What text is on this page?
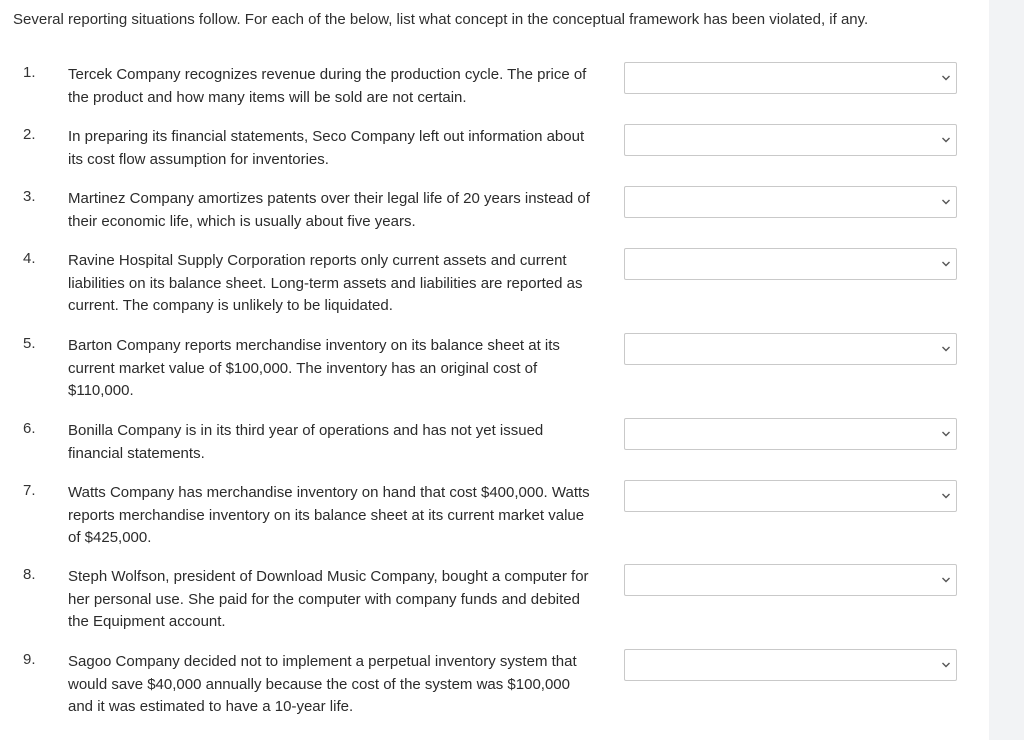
Several reporting situations follow. For each of the below, list what concept in the conceptual framework has been violated, if any.
1. Tercek Company recognizes revenue during the production cycle. The price of the product and how many items will be sold are not certain.
2. In preparing its financial statements, Seco Company left out information about its cost flow assumption for inventories.
3. Martinez Company amortizes patents over their legal life of 20 years instead of their economic life, which is usually about five years.
4. Ravine Hospital Supply Corporation reports only current assets and current liabilities on its balance sheet. Long-term assets and liabilities are reported as current. The company is unlikely to be liquidated.
5. Barton Company reports merchandise inventory on its balance sheet at its current market value of $100,000. The inventory has an original cost of $110,000.
6. Bonilla Company is in its third year of operations and has not yet issued financial statements.
7. Watts Company has merchandise inventory on hand that cost $400,000. Watts reports merchandise inventory on its balance sheet at its current market value of $425,000.
8. Steph Wolfson, president of Download Music Company, bought a computer for her personal use. She paid for the computer with company funds and debited the Equipment account.
9. Sagoo Company decided not to implement a perpetual inventory system that would save $40,000 annually because the cost of the system was $100,000 and it was estimated to have a 10-year life.
